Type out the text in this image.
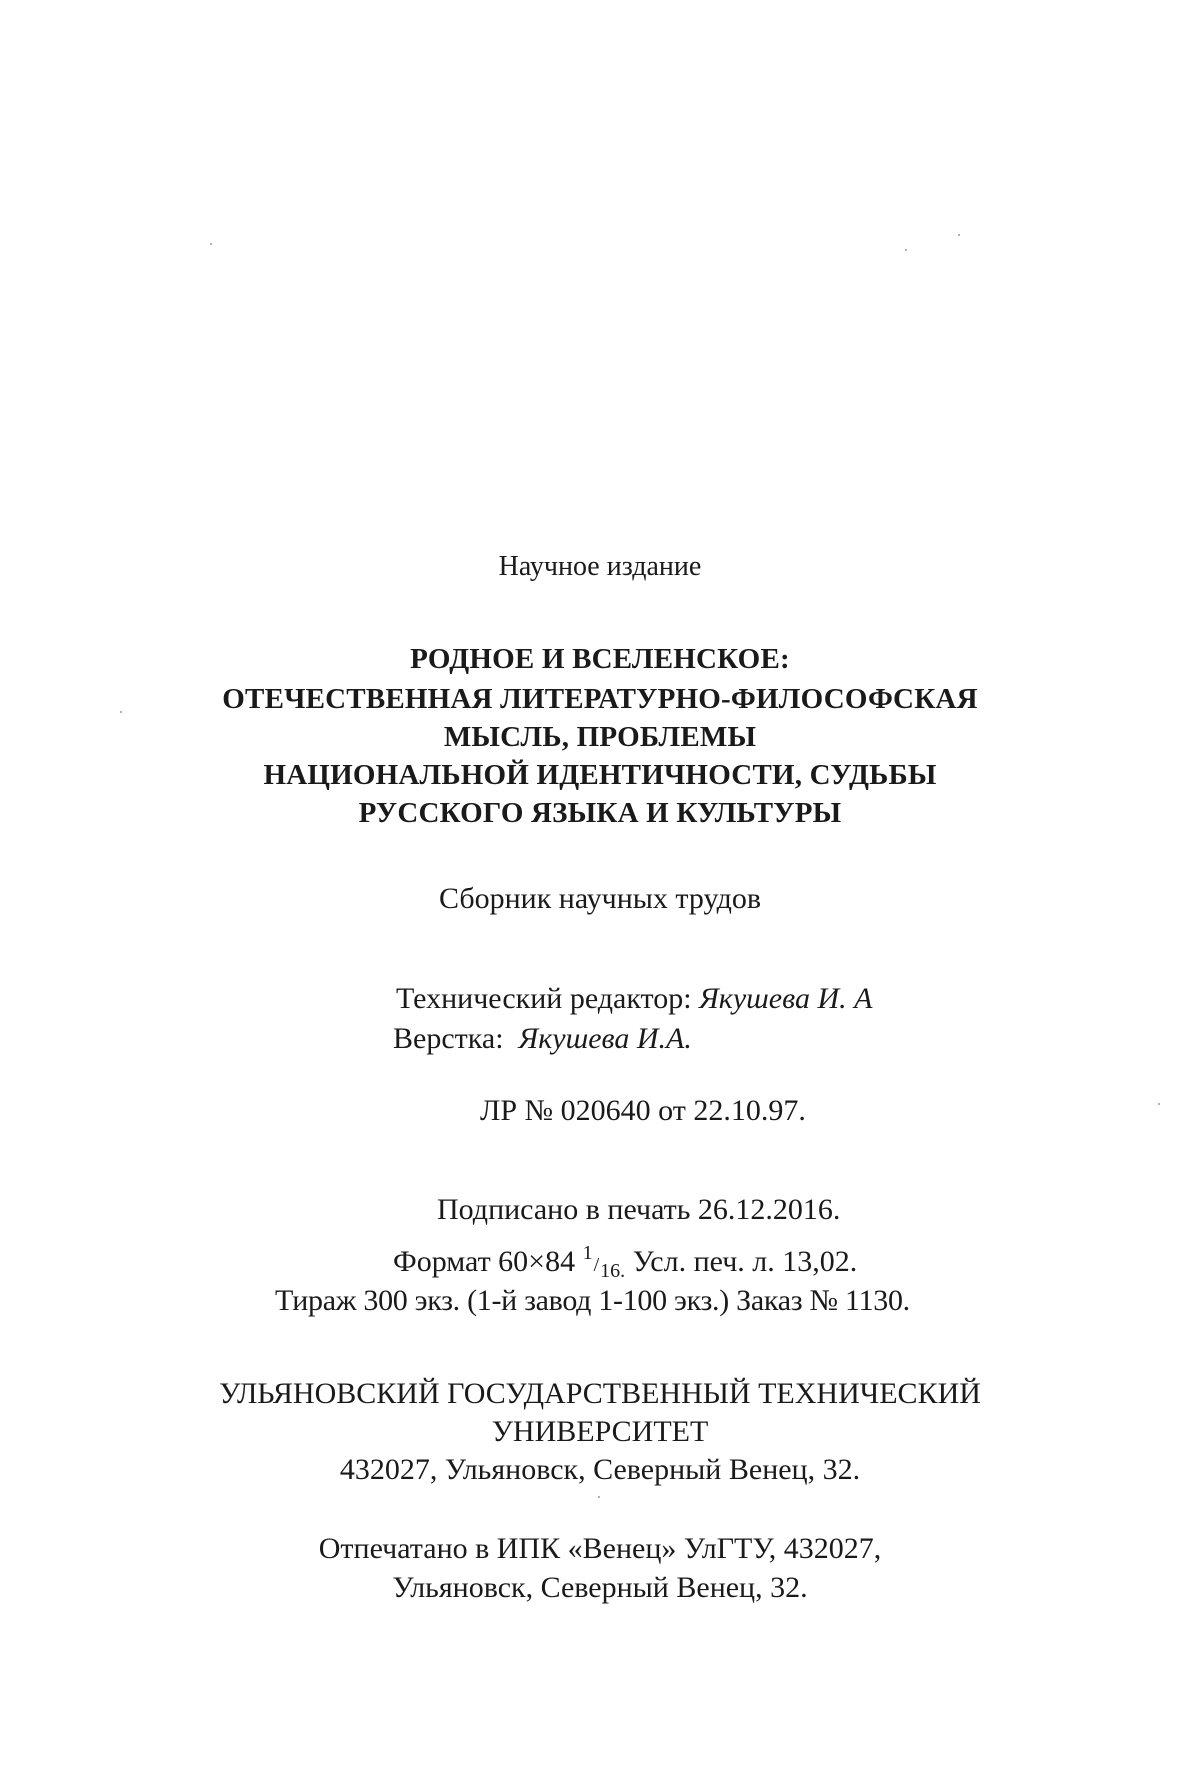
Научное издание
РОДНОЕ И ВСЕЛЕНСКОЕ:
ОТЕЧЕСТВЕННАЯ ЛИТЕРАТУРНО-ФИЛОСОФСКАЯ
МЫСЛЬ, ПРОБЛЕМЫ
НАЦИОНАЛЬНОЙ ИДЕНТИЧНОСТИ, СУДЬБЫ
РУССКОГО ЯЗЫКА И КУЛЬТУРЫ
Сборник научных трудов
Технический редактор: Якушева И. А
Верстка: Якушева И.А.
ЛР № 020640 от 22.10.97.
Подписано в печать 26.12.2016.
Формат 60×84 1/16. Усл. печ. л. 13,02.
Тираж 300 экз. (1-й завод 1-100 экз.) Заказ № 1130.
УЛЬЯНОВСКИЙ ГОСУДАРСТВЕННЫЙ ТЕХНИЧЕСКИЙ
УНИВЕРСИТЕТ
432027, Ульяновск, Северный Венец, 32.
Отпечатано в ИПК «Венец» УлГТУ, 432027,
Ульяновск, Северный Венец, 32.
